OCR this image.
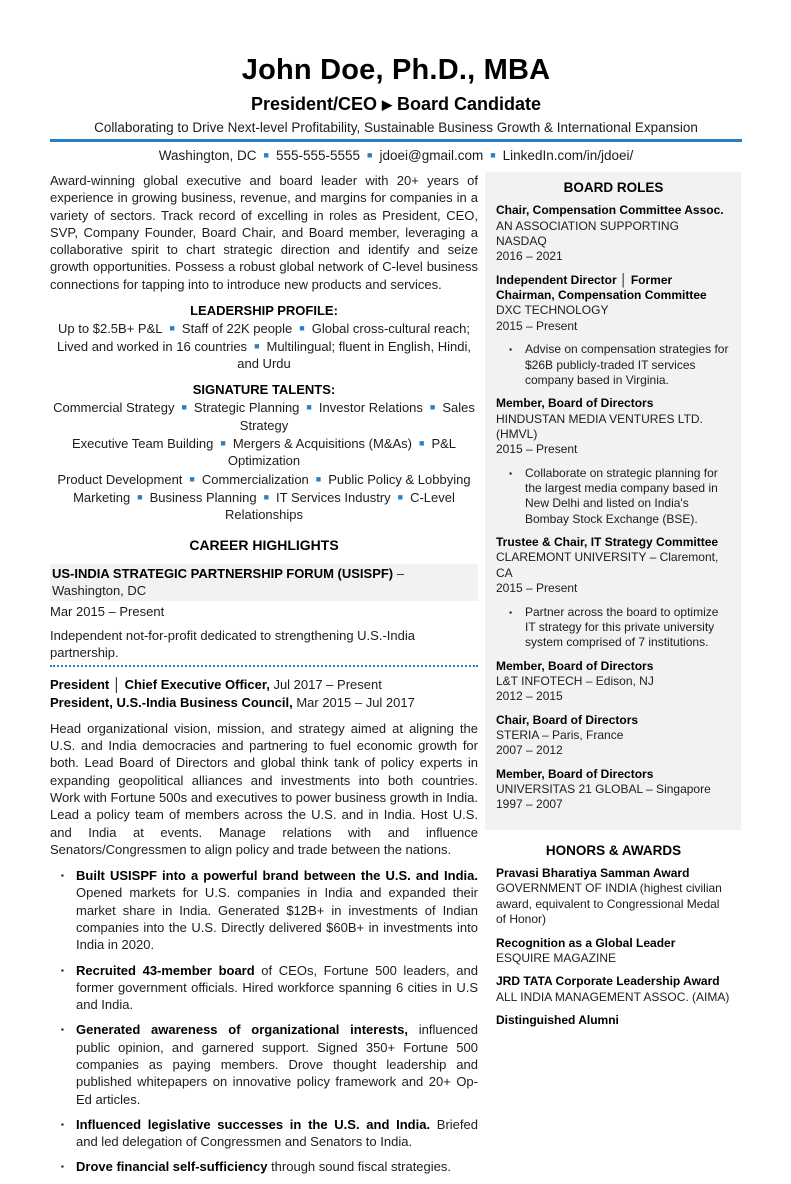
John Doe, Ph.D., MBA
President/CEO ▶ Board Candidate
Collaborating to Drive Next-level Profitability, Sustainable Business Growth & International Expansion
Washington, DC ■ 555-555-5555 ■ jdoei@gmail.com ■ LinkedIn.com/in/jdoei/
Award-winning global executive and board leader with 20+ years of experience in growing business, revenue, and margins for companies in a variety of sectors. Track record of excelling in roles as President, CEO, SVP, Company Founder, Board Chair, and Board member, leveraging a collaborative spirit to chart strategic direction and identify and seize growth opportunities. Possess a robust global network of C-level business connections for tapping into to introduce new products and services.
LEADERSHIP PROFILE:
Up to $2.5B+ P&L ■ Staff of 22K people ■ Global cross-cultural reach; Lived and worked in 16 countries ■ Multilingual; fluent in English, Hindi, and Urdu
SIGNATURE TALENTS:
Commercial Strategy ■ Strategic Planning ■ Investor Relations ■ Sales Strategy
Executive Team Building ■ Mergers & Acquisitions (M&As) ■ P&L Optimization
Product Development ■ Commercialization ■ Public Policy & Lobbying
Marketing ■ Business Planning ■ IT Services Industry ■ C-Level Relationships
CAREER HIGHLIGHTS
US-INDIA STRATEGIC PARTNERSHIP FORUM (USISPF) – Washington, DC
Mar 2015 – Present
Independent not-for-profit dedicated to strengthening U.S.-India partnership.
President │ Chief Executive Officer, Jul 2017 – Present
President, U.S.-India Business Council, Mar 2015 – Jul 2017
Head organizational vision, mission, and strategy aimed at aligning the U.S. and India democracies and partnering to fuel economic growth for both. Lead Board of Directors and global think tank of policy experts in expanding geopolitical alliances and investments into both countries. Work with Fortune 500s and executives to power business growth in India. Lead a policy team of members across the U.S. and in India. Host U.S. and India at events. Manage relations with and influence Senators/Congressmen to align policy and trade between the nations.
▪ Built USISPF into a powerful brand between the U.S. and India. Opened markets for U.S. companies in India and expanded their market share in India. Generated $12B+ in investments of Indian companies into the U.S. Directly delivered $60B+ in investments into India in 2020.
▪ Recruited 43-member board of CEOs, Fortune 500 leaders, and former government officials. Hired workforce spanning 6 cities in U.S and India.
▪ Generated awareness of organizational interests, influenced public opinion, and garnered support. Signed 350+ Fortune 500 companies as paying members. Drove thought leadership and published whitepapers on innovative policy framework and 20+ Op-Ed articles.
▪ Influenced legislative successes in the U.S. and India. Briefed and led delegation of Congressmen and Senators to India.
▪ Drove financial self-sufficiency through sound fiscal strategies.
BOARD ROLES
Chair, Compensation Committee Assoc.
AN ASSOCIATION SUPPORTING NASDAQ
2016 – 2021
Independent Director │ Former Chairman, Compensation Committee
DXC TECHNOLOGY
2015 – Present
▪	Advise on compensation strategies for $26B publicly-traded IT services company based in Virginia.
Member, Board of Directors
HINDUSTAN MEDIA VENTURES LTD. (HMVL)
2015 – Present
▪	Collaborate on strategic planning for the largest media company based in New Delhi and listed on India's Bombay Stock Exchange (BSE).
Trustee & Chair, IT Strategy Committee
CLAREMONT UNIVERSITY – Claremont, CA
2015 – Present
▪	Partner across the board to optimize IT strategy for this private university system comprised of 7 institutions.
Member, Board of Directors
L&T INFOTECH – Edison, NJ
2012 – 2015
Chair, Board of Directors
STERIA – Paris, France
2007 – 2012
Member, Board of Directors
UNIVERSITAS 21 GLOBAL – Singapore
1997 – 2007
HONORS & AWARDS
Pravasi Bharatiya Samman Award
GOVERNMENT OF INDIA (highest civilian award, equivalent to Congressional Medal of Honor)
Recognition as a Global Leader
ESQUIRE MAGAZINE
JRD TATA Corporate Leadership Award
ALL INDIA MANAGEMENT ASSOC. (AIMA)
Distinguished Alumni
